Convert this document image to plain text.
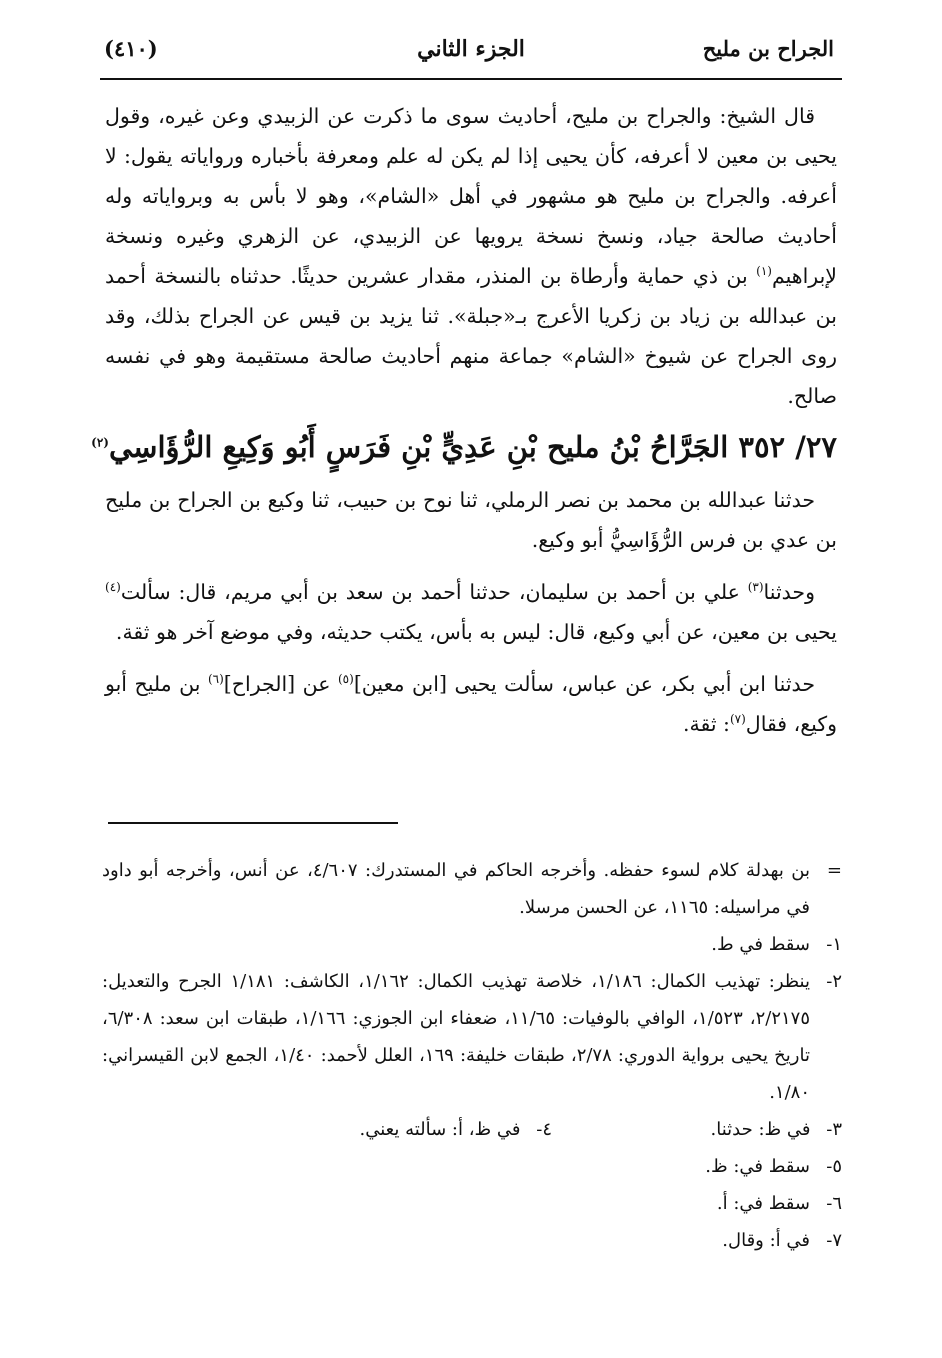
(٤١٠)	الجزء الثاني	الجراح بن مليح

قال الشيخ: والجراح بن مليح، أحاديث سوى ما ذكرت عن الزبيدي وعن غيره، وقول يحيى بن معين لا أعرفه، كأن يحيى إذا لم يكن له علم ومعرفة بأخباره ورواياته يقول: لا أعرفه. والجراح بن مليح هو مشهور في أهل «الشام»، وهو لا بأس به وبرواياته وله أحاديث صالحة جياد، ونسخ نسخة يرويها عن الزبيدي، عن الزهري وغيره ونسخة لإبراهيم$^{(١)}$ بن ذي حماية وأرطاة بن المنذر، مقدار عشرين حديثًا. حدثناه بالنسخة أحمد بن عبدالله بن زياد بن زكريا الأعرج بـ«جبلة». ثنا يزيد بن قيس عن الجراح بذلك، وقد روى الجراح عن شيوخ «الشام» جماعة منهم أحاديث صالحة مستقيمة وهو في نفسه صالح.

٢٧/ ٣٥٢ الجَرَّاحُ بْنُ مليح بْنِ عَدِيٍّ بْنِ فَرَسٍ أَبُو وَكِيعِ الرُّؤَاسِي$^{(٢)}$

حدثنا عبدالله بن محمد بن نصر الرملي، ثنا نوح بن حبيب، ثنا وكيع بن الجراح بن مليح بن عدي بن فرس الرُّؤَاسِيُّ أبو وكيع.

وحدثنا$^{(٣)}$ علي بن أحمد بن سليمان، حدثنا أحمد بن سعد بن أبي مريم، قال: سألت$^{(٤)}$ يحيى بن معين، عن أبي وكيع، قال: ليس به بأس، يكتب حديثه، وفي موضع آخر هو ثقة.

حدثنا ابن أبي بكر، عن عباس، سألت يحيى [ابن معين]$^{(٥)}$ عن [الجراح]$^{(٦)}$ بن مليح أبو وكيع، فقال$^{(٧)}$: ثقة.

=
بن بهدلة كلام لسوء حفظه. وأخرجه الحاكم في المستدرك: ٤/٦٠٧، عن أنس، وأخرجه أبو داود في مراسيله: ١١٦٥، عن الحسن مرسلا.
١-
سقط في ط.
٢-
ينظر: تهذيب الكمال: ١/١٨٦، خلاصة تهذيب الكمال: ١/١٦٢، الكاشف: ١/١٨١ الجرح والتعديل: ٢/٢١٧٥، ١/٥٢٣، الوافي بالوفيات: ١١/٦٥، ضعفاء ابن الجوزي: ١/١٦٦، طبقات ابن سعد: ٦/٣٠٨، تاريخ يحيى برواية الدوري: ٢/٧٨، طبقات خليفة: ١٦٩، العلل لأحمد: ١/٤٠، الجمع لابن القيسراني: ١/٨٠.
٣- في ظ: حدثنا.
٤- في ظ، أ: سألته يعني.
٥-
سقط في: ظ.
٦-
سقط في: أ.
٧-
في أ: وقال.
